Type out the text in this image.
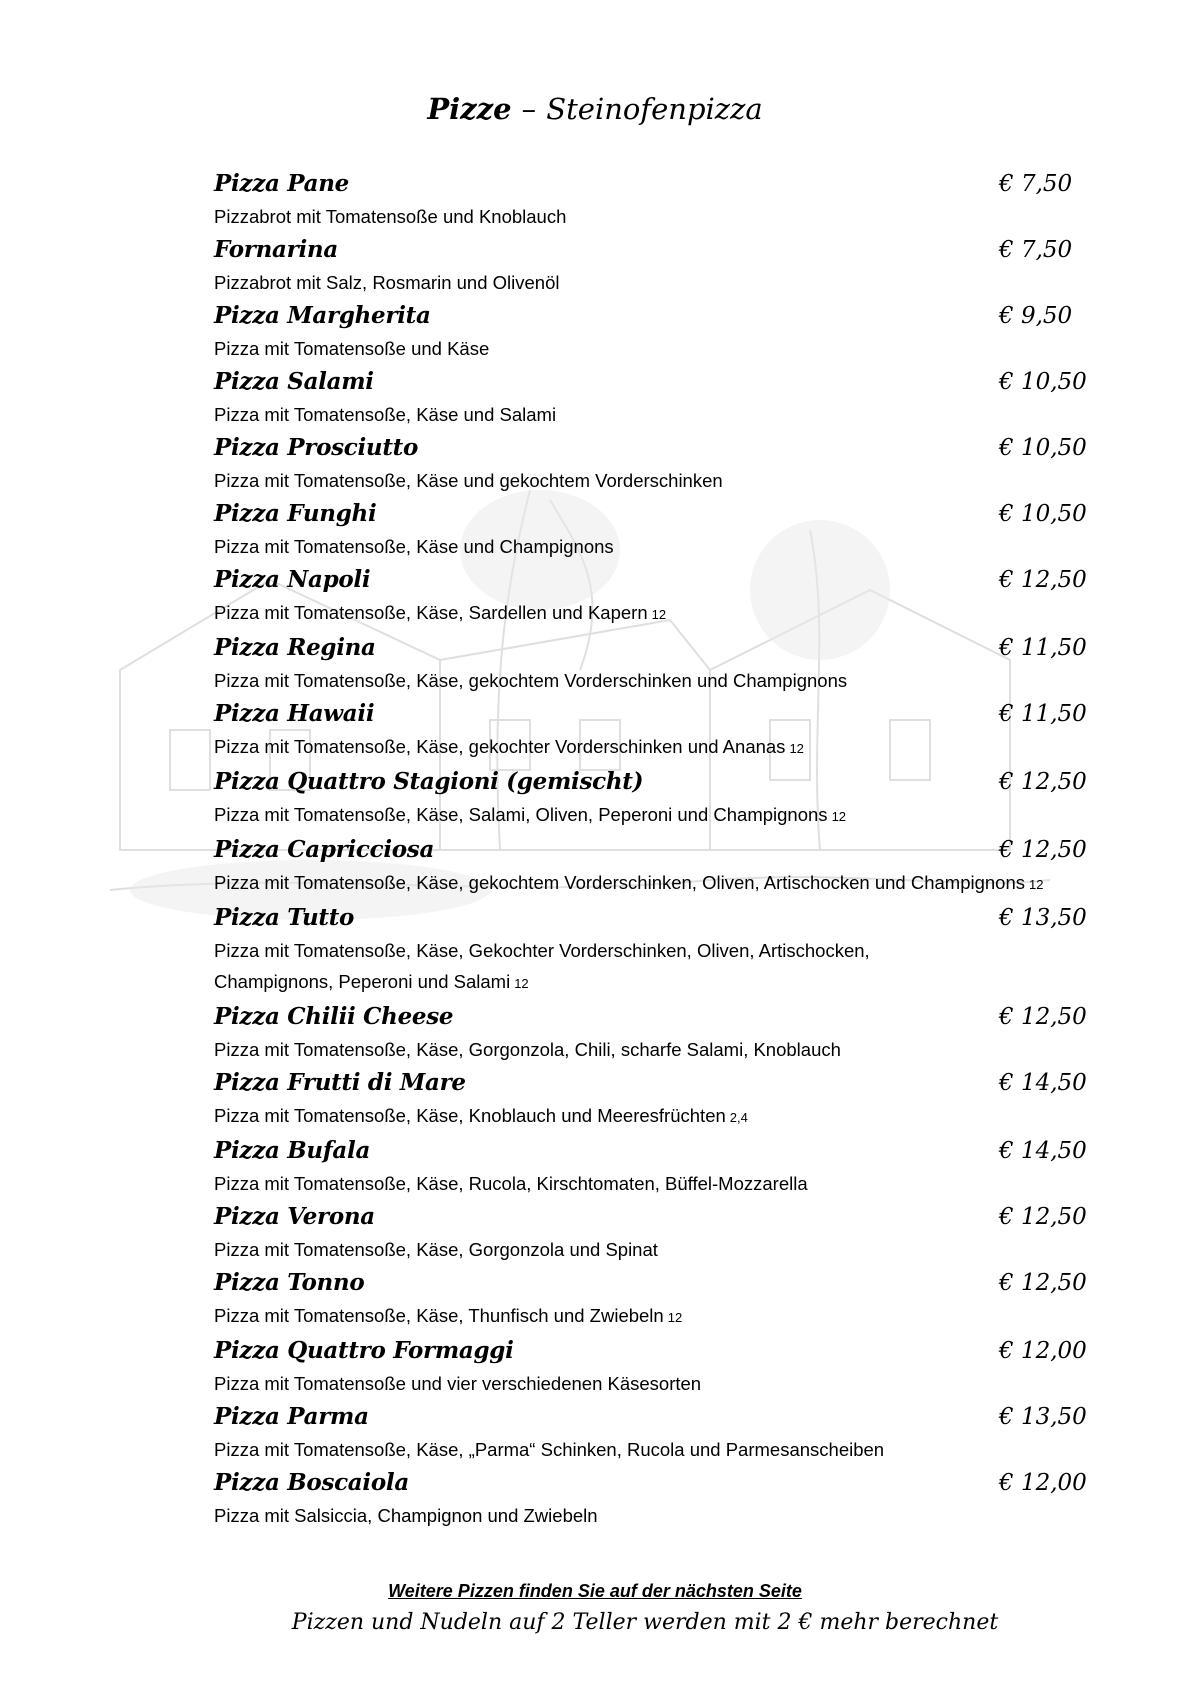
Pizze – Steinofenpizza
Pizza Pane	€ 7,50
Pizzabrot mit Tomatensoße und Knoblauch
Fornarina	€ 7,50
Pizzabrot mit Salz, Rosmarin und Olivenöl
Pizza Margherita	€ 9,50
Pizza mit Tomatensoße und Käse
Pizza Salami	€ 10,50
Pizza mit Tomatensoße, Käse und Salami
Pizza Prosciutto	€ 10,50
Pizza mit Tomatensoße, Käse und gekochtem Vorderschinken
Pizza Funghi	€ 10,50
Pizza mit Tomatensoße, Käse und Champignons
Pizza Napoli	€ 12,50
Pizza mit Tomatensoße, Käse, Sardellen und Kapern 12
Pizza Regina	€ 11,50
Pizza mit Tomatensoße, Käse, gekochtem Vorderschinken und Champignons
Pizza Hawaii	€ 11,50
Pizza mit Tomatensoße, Käse, gekochter Vorderschinken und Ananas 12
Pizza Quattro Stagioni (gemischt)	€ 12,50
Pizza mit Tomatensoße, Käse, Salami, Oliven, Peperoni und Champignons 12
Pizza Capricciosa	€ 12,50
Pizza mit Tomatensoße, Käse, gekochtem Vorderschinken, Oliven, Artischocken und Champignons 12
Pizza Tutto	€ 13,50
Pizza mit Tomatensoße, Käse, Gekochter Vorderschinken, Oliven, Artischocken, Champignons, Peperoni und Salami 12
Pizza Chilii Cheese	€ 12,50
Pizza mit Tomatensoße, Käse, Gorgonzola, Chili, scharfe Salami, Knoblauch
Pizza Frutti di Mare	€ 14,50
Pizza mit Tomatensoße, Käse, Knoblauch und Meeresfrüchten 2,4
Pizza Bufala	€ 14,50
Pizza mit Tomatensoße, Käse, Rucola, Kirschtomaten, Büffel-Mozzarella
Pizza Verona	€ 12,50
Pizza mit Tomatensoße, Käse, Gorgonzola und Spinat
Pizza Tonno	€ 12,50
Pizza mit Tomatensoße, Käse, Thunfisch und Zwiebeln 12
Pizza Quattro Formaggi	€ 12,00
Pizza mit Tomatensoße und vier verschiedenen Käsesorten
Pizza Parma	€ 13,50
Pizza mit Tomatensoße, Käse, „Parma“ Schinken, Rucola und Parmesanscheiben
Pizza Boscaiola	€ 12,00
Pizza mit Salsiccia, Champignon und Zwiebeln
Weitere Pizzen finden Sie auf der nächsten Seite
Pizzen und Nudeln auf 2 Teller werden mit 2 € mehr berechnet
